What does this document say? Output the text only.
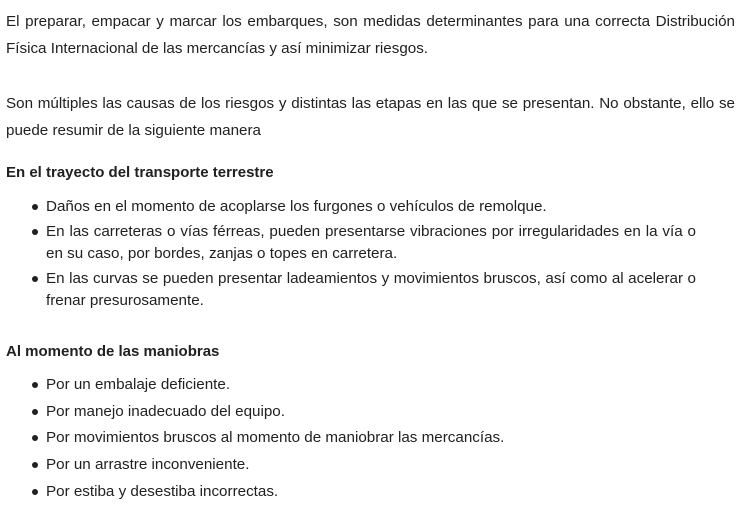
El preparar, empacar y marcar los embarques, son medidas determinantes para una correcta Distribución Física Internacional de las mercancías y así minimizar riesgos.

Son múltiples las causas de los riesgos y distintas las etapas en las que se presentan. No obstante, ello se puede resumir de la siguiente manera

En el trayecto del transporte terrestre
Daños en el momento de acoplarse los furgones o vehículos de remolque.
En las carreteras o vías férreas, pueden presentarse vibraciones por irregularidades en la vía o en su caso, por bordes, zanjas o topes en carretera.
En las curvas se pueden presentar ladeamientos y movimientos bruscos, así como al acelerar o frenar presurosamente.
Al momento de las maniobras
Por un embalaje deficiente.
Por manejo inadecuado del equipo.
Por movimientos bruscos al momento de maniobrar las mercancías.
Por un arrastre inconveniente.
Por estiba y desestiba incorrectas.
